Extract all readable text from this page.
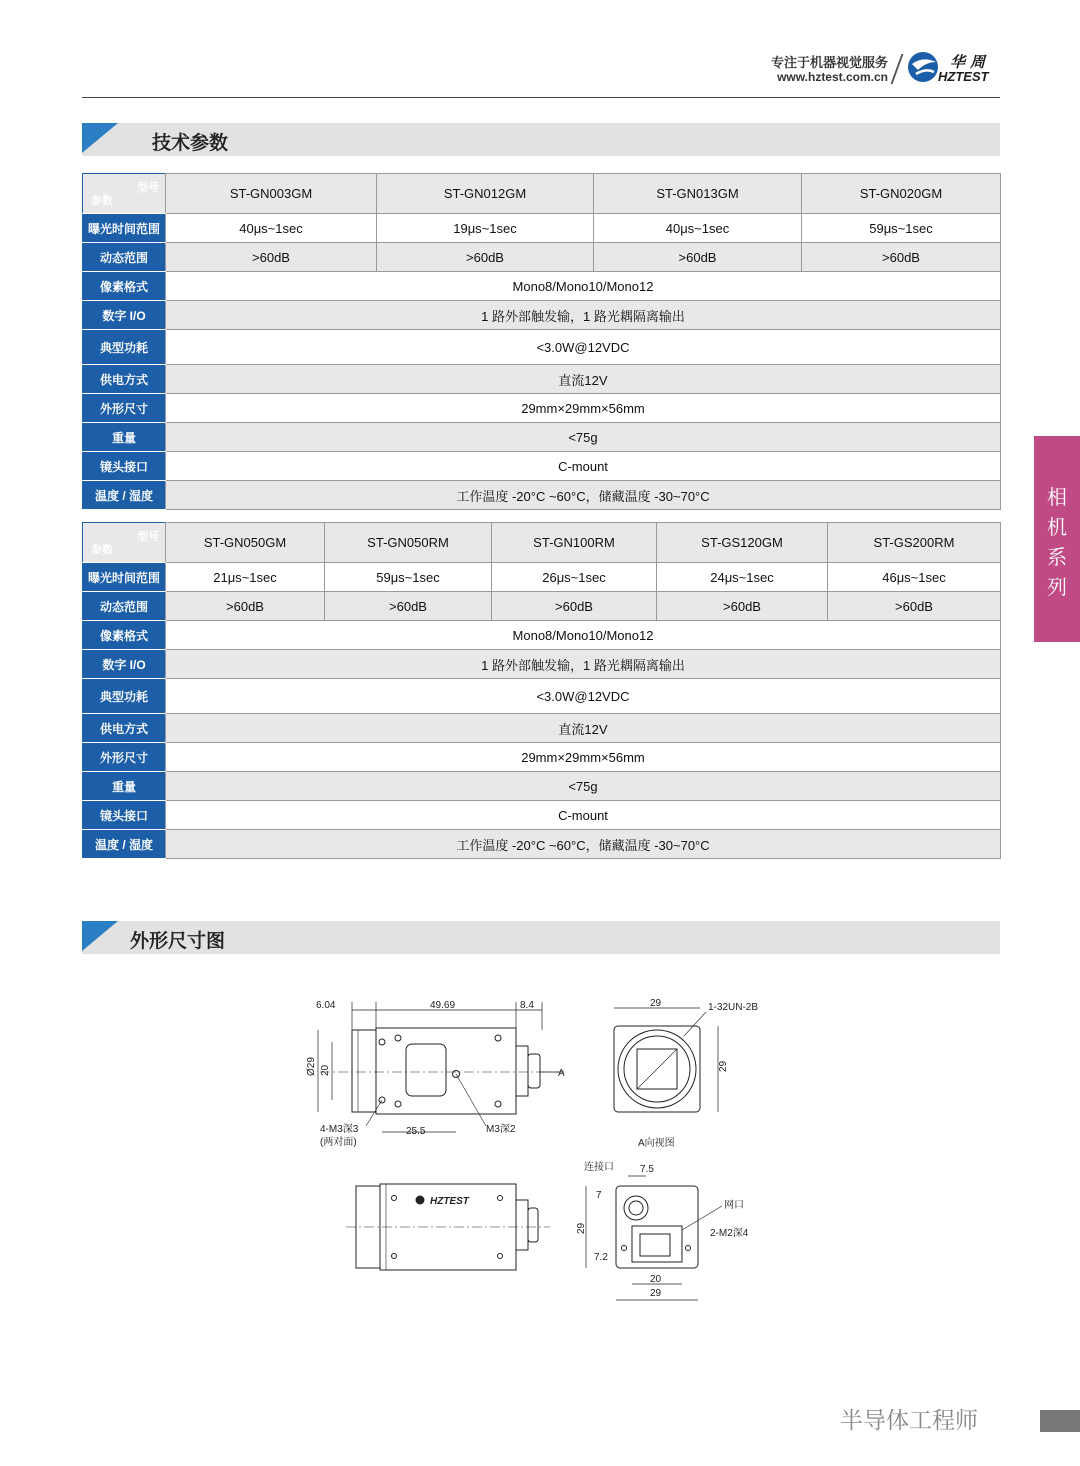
专注于机器视觉服务
www.hztest.com.cn
华周
HZTEST
技术参数
型号
参数	ST-GN003GM	ST-GN012GM	ST-GN013GM	ST-GN020GM
曝光时间范围	40μs~1sec	19μs~1sec	40μs~1sec	59μs~1sec
动态范围	>60dB	>60dB	>60dB	>60dB
像素格式	Mono8/Mono10/Mono12			
数字 I/O	1 路外部触发输，1 路光耦隔离输出			
典型功耗	<3.0W@12VDC			
供电方式	直流12V			
外形尺寸	29mm×29mm×56mm			
重量	<75g			
镜头接口	C-mount			
温度 / 湿度	工作温度 -20°C ~60°C，储藏温度 -30~70°C			
型号
参数	ST-GN050GM	ST-GN050RM	ST-GN100RM	ST-GS120GM	ST-GS200RM
曝光时间范围	21μs~1sec	59μs~1sec	26μs~1sec	24μs~1sec	46μs~1sec
动态范围	>60dB	>60dB	>60dB	>60dB	>60dB
像素格式	Mono8/Mono10/Mono12				
数字 I/O	1 路外部触发输，1 路光耦隔离输出				
典型功耗	<3.0W@12VDC				
供电方式	直流12V				
外形尺寸	29mm×29mm×56mm				
重量	<75g				
镜头接口	C-mount				
温度 / 湿度	工作温度 -20°C ~60°C，储藏温度 -30~70°C				
相
机
系
列
外形尺寸图
6.04	49.69	8.4
Ø29 20	A
25.5
4-M3深3
(两对面)
M3深2
29	1-32UN-2B
29
A向视图
HZTEST
连接口	7.5
7
29
7.2
网口
2-M2深4
20
29
半导体工程师
